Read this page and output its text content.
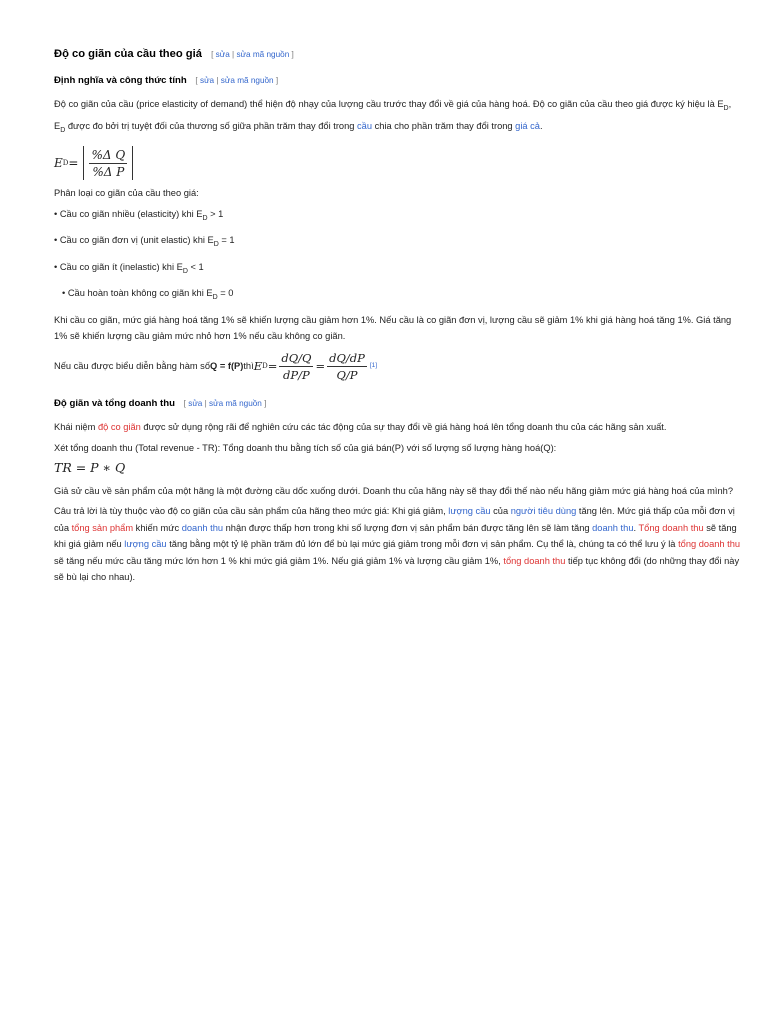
Độ co giãn của cầu theo giá [ sửa | sửa mã nguồn ]
Định nghĩa và công thức tính [ sửa | sửa mã nguồn ]

Độ co giãn của cầu (price elasticity of demand) thể hiện độ nhạy của lượng cầu trước thay đổi về giá của hàng hoá. Độ co giãn của cầu theo giá được ký hiệu là $E_D$, $E_D$ được đo bởi trị tuyệt đối của thương số giữa phần trăm thay đổi trong cầu chia cho phần trăm thay đổi trong giá cả.

E $D = \frac{\text{\%Δ Q}}{\text{\%Δ P}}$

Phân loại co giãn của cầu theo giá:

• Cầu co giãn nhiều (elasticity) khi $E_D > 1$
• Cầu co giãn đơn vị (unit elastic) khi $E_D = 1$
• Cầu co giãn ít (inelastic) khi $E_D < 1$
• Cầu hoàn toàn không co giãn khi $E_D = 0$

Khi cầu co giãn, mức giá hàng hoá tăng 1% sẽ khiến lượng cầu giảm hơn 1%. Nếu cầu là co giãn đơn vị, lượng cầu sẽ giảm 1% khi giá hàng hoá tăng 1%. Giá tăng 1% sẽ khiến lượng cầu giảm mức nhỏ hơn 1% nếu cầu không co giãn.

Nếu cầu được biểu diễn bằng hàm số Q = f(P) thì E $D = \frac{dQ/Q}{dP/P} = \frac{dQ/dP}{Q/P} [1]$
Độ giãn và tổng doanh thu [ sửa | sửa mã nguồn ]

Khái niệm độ co giãn được sử dụng rộng rãi để nghiên cứu các tác động của sự thay đổi về giá hàng hoá lên tổng doanh thu của các hãng sản xuất.

Xét tổng doanh thu (Total revenue - TR): Tổng doanh thu bằng tích số của giá bán(P) với số lượng số lượng hàng hoá(Q):

TR = P ∗ Q

Giả sử cầu về sản phẩm của một hãng là một đường cầu dốc xuống dưới. Doanh thu của hãng này sẽ thay đổi thế nào nếu hãng giảm mức giá hàng hoá của mình?

Câu trả lời là tùy thuộc vào độ co giãn của cầu sản phẩm của hãng theo mức giá: Khi giá giảm, lượng cầu của người tiêu dùng tăng lên. Mức giá thấp của mỗi đơn vị của tổng sản phẩm khiến mức doanh thu nhận được thấp hơn trong khi số lượng đơn vị sản phẩm bán được tăng lên sẽ làm tăng doanh thu. Tổng doanh thu sẽ tăng khi giá giảm nếu lượng cầu tăng bằng một tỷ lệ phần trăm đủ lớn để bù lại mức giá giảm trong mỗi đơn vị sản phẩm. Cụ thể là, chúng ta có thể lưu ý là tổng doanh thu sẽ tăng nếu mức cầu tăng mức lớn hơn 1 % khi mức giá giảm 1%. Nếu giá giảm 1% và lượng cầu giảm 1%, tổng doanh thu tiếp tục không đổi (do những thay đổi này sẽ bù lại cho nhau).
